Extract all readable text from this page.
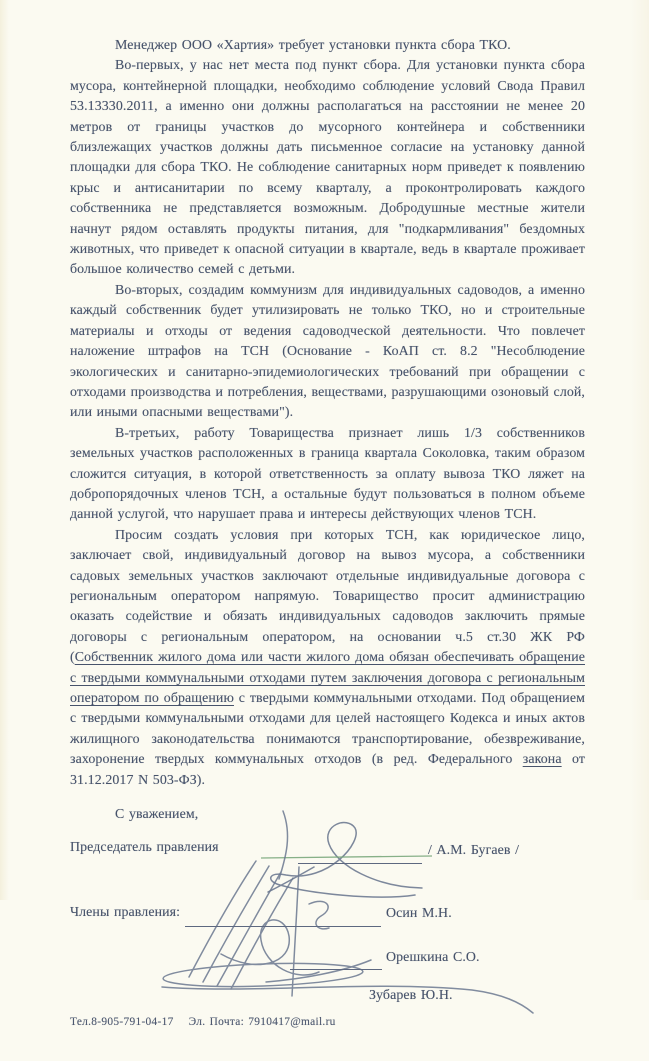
Менеджер ООО «Хартия» требует установки пункта сбора ТКО.

Во-первых, у нас нет места под пункт сбора. Для установки пункта сбора мусора, контейнерной площадки, необходимо соблюдение условий Свода Правил 53.13330.2011, а именно они должны располагаться на расстоянии не менее 20 метров от границы участков до мусорного контейнера и собственники близлежащих участков должны дать письменное согласие на установку данной площадки для сбора ТКО. Не соблюдение санитарных норм приведет к появлению крыс и антисанитарии по всему кварталу, а проконтролировать каждого собственника не представляется возможным. Добродушные местные жители начнут рядом оставлять продукты питания, для "подкармливания" бездомных животных, что приведет к опасной ситуации в квартале, ведь в квартале проживает большое количество семей с детьми.

Во-вторых, создадим коммунизм для индивидуальных садоводов, а именно каждый собственник будет утилизировать не только ТКО, но и строительные материалы и отходы от ведения садоводческой деятельности. Что повлечет наложение штрафов на ТСН (Основание - КоАП ст. 8.2 "Несоблюдение экологических и санитарно-эпидемиологических требований при обращении с отходами производства и потребления, веществами, разрушающими озоновый слой, или иными опасными веществами").

В-третьих, работу Товарищества признает лишь 1/3 собственников земельных участков расположенных в граница квартала Соколовка, таким образом сложится ситуация, в которой ответственность за оплату вывоза ТКО ляжет на добропорядочных членов ТСН, а остальные будут пользоваться в полном объеме данной услугой, что нарушает права и интересы действующих членов ТСН.

Просим создать условия при которых ТСН, как юридическое лицо, заключает свой, индивидуальный договор на вывоз мусора, а собственники садовых земельных участков заключают отдельные индивидуальные договора с региональным оператором напрямую. Товарищество просит администрацию оказать содействие и обязать индивидуальных садоводов заключить прямые договоры с региональным оператором, на основании ч.5 ст.30 ЖК РФ (Собственник жилого дома или части жилого дома обязан обеспечивать обращение с твердыми коммунальными отходами путем заключения договора с региональным оператором по обращению с твердыми коммунальными отходами. Под обращением с твердыми коммунальными отходами для целей настоящего Кодекса и иных актов жилищного законодательства понимаются транспортирование, обезвреживание, захоронение твердых коммунальных отходов (в ред. Федерального закона от 31.12.2017 N 503-ФЗ).

С уважением,
Председатель правления	/ А.М. Бугаев /
Члены правления:	Осин М.Н.
Орешкина С.О.
Зубарев Ю.Н.
Тел.8-905-791-04-17 Эл. Почта: 7910417@mail.ru
